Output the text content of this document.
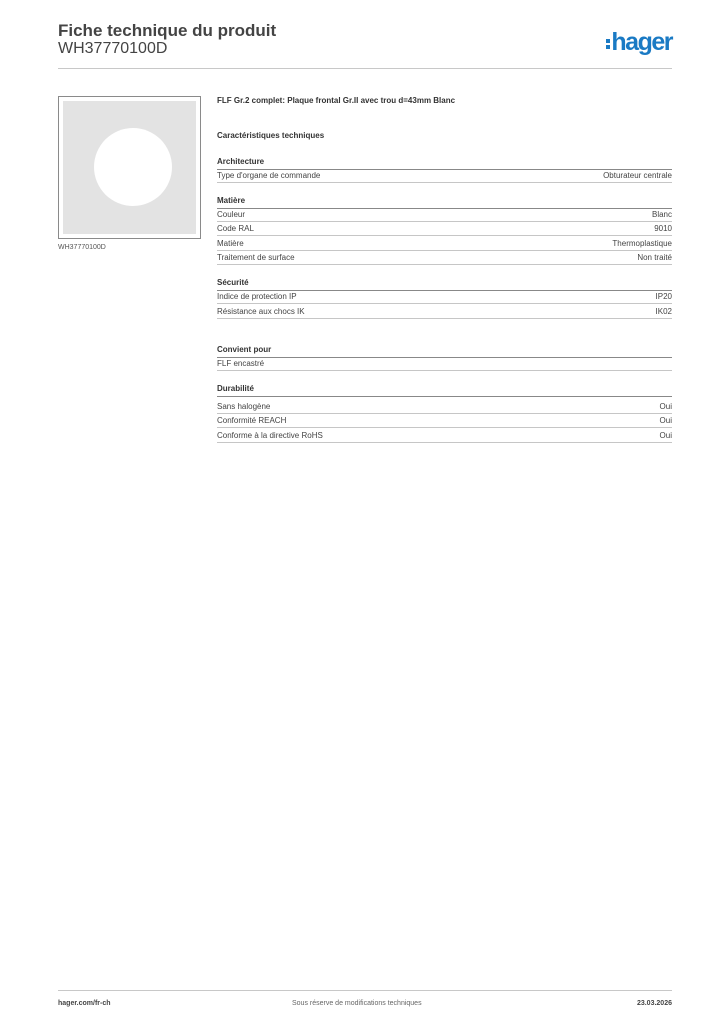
Fiche technique du produit
WH37770100D	hager
WH37770100D
FLF Gr.2 complet: Plaque frontal Gr.II avec trou d=43mm Blanc
Caractéristiques techniques
Architecture
Type d'organe de commande	Obturateur centrale
Matière
Couleur	Blanc
Code RAL	9010
Matière	Thermoplastique
Traitement de surface	Non traité
Sécurité
Indice de protection IP	IP20
Résistance aux chocs IK	IK02
Convient pour
FLF encastré
Durabilité
Sans halogène	Oui
Conformité REACH	Oui
Conforme à la directive RoHS	Oui
hager.com/fr-ch	Sous réserve de modifications techniques	23.03.2026
